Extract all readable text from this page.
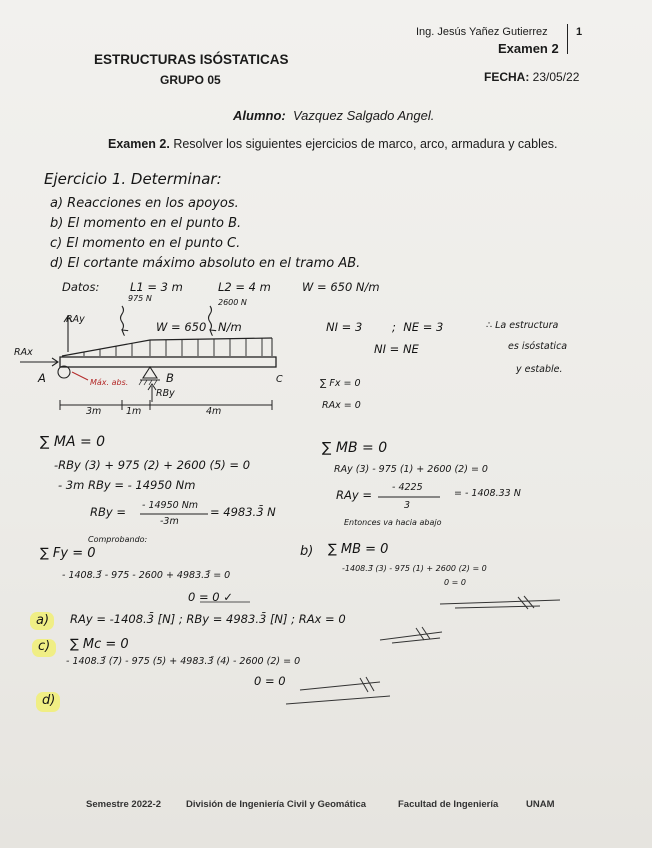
Ing. Jesús Yañez Gutierrez	1
Examen 2
ESTRUCTURAS ISÓSTATICAS
GRUPO 05	FECHA: 23/05/22
Alumno: Vazquez Salgado Angel.
Examen 2. Resolver los siguientes ejercicios de marco, arco, armadura y cables.
Ejercicio 1. Determinar:
a) Reacciones en los apoyos.
b) El momento en el punto B.
c) El momento en el punto C.
d) El cortante máximo absoluto en el tramo AB.
Datos:	L1 = 3 m	L2 = 4 m	W = 650 N/m
975 N	2600 N
W = 650 N/m
RAy
RAx
RBy
A	B	C
Máx. abs.
3m	1m	4m
NI = 3	;  NE = 3
NI = NE
∴ La estructura
es isóstatica
y estable.
∑ Fx = 0
RAx = 0
∑ MA = 0
-RBy (3) + 975 (2) + 2600 (5) = 0
- 3m RBy = - 14950 Nm
RBy = - 14950 Nm
-3m
= 4983.3̄ N
∑ MB = 0
RAy (3) - 975 (1) + 2600 (2) = 0
RAy =
- 4225
3
= - 1408.33 N
Entonces va hacia abajo
Comprobando:
∑ Fy = 0
- 1408.3̄ - 975 - 2600 + 4983.3̄ = 0
0 = 0 ✓
b) ∑ MB = 0
-1408.3̄ (3) - 975 (1) + 2600 (2) = 0
0 = 0
a) RAy = -1408.3̄ [N] ; RBy = 4983.3̄ [N] ; RAx = 0
c) ∑ Mc = 0
- 1408.3̄ (7) - 975 (5) + 4983.3̄ (4) - 2600 (2) = 0
0 = 0
d)
Semestre 2022-2	División de Ingeniería Civil y Geomática	Facultad de Ingeniería	UNAM
